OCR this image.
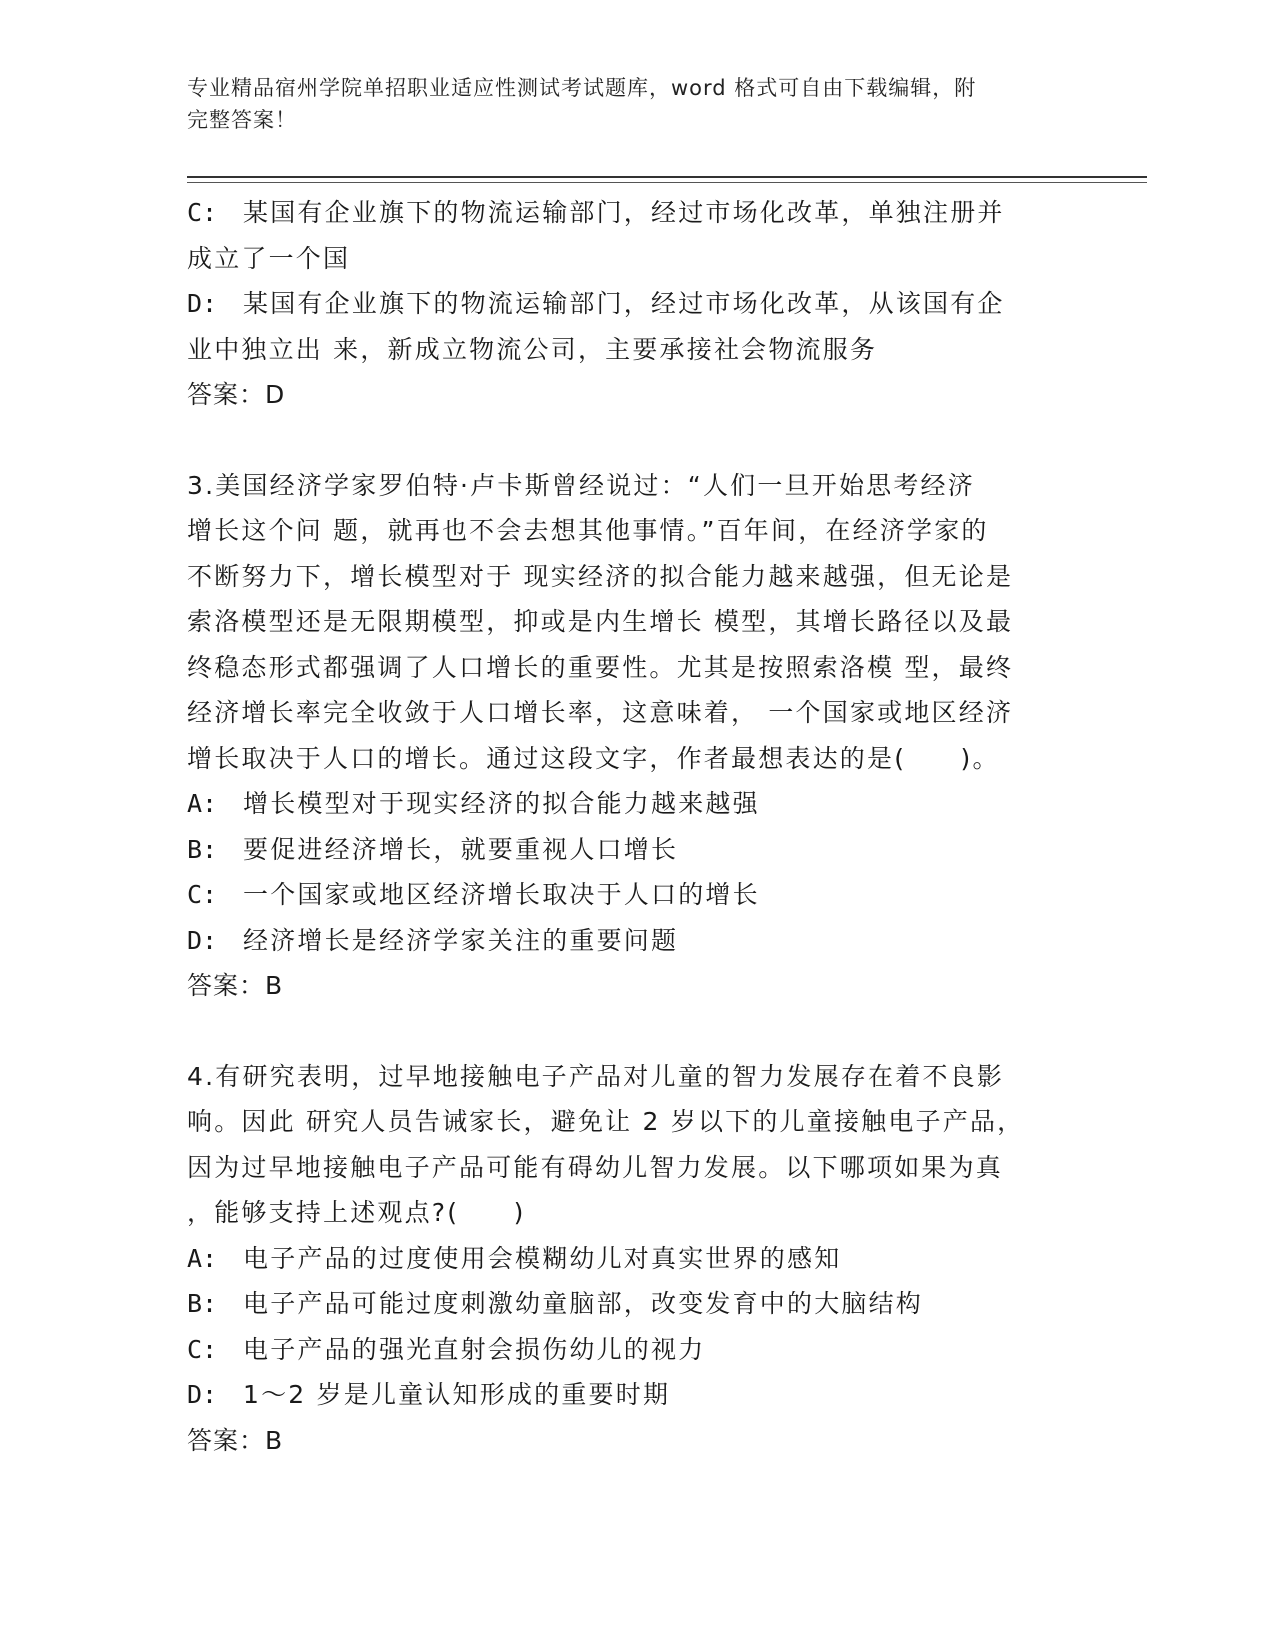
专业精品宿州学院单招职业适应性测试考试题库，word 格式可自由下载编辑，附
完整答案！
C: 某国有企业旗下的物流运输部门，经过市场化改革，单独注册并
成立了一个国
D: 某国有企业旗下的物流运输部门，经过市场化改革，从该国有企
业中独立出 来，新成立物流公司，主要承接社会物流服务
答案：D
3.美国经济学家罗伯特·卢卡斯曾经说过：“人们一旦开始思考经济
增长这个问 题，就再也不会去想其他事情。”百年间，在经济学家的
不断努力下，增长模型对于 现实经济的拟合能力越来越强，但无论是
索洛模型还是无限期模型，抑或是内生增长 模型，其增长路径以及最
终稳态形式都强调了人口增长的重要性。尤其是按照索洛模 型，最终
经济增长率完全收敛于人口增长率，这意味着， 一个国家或地区经济
增长取决于人口的增长。通过这段文字，作者最想表达的是(　　)。
A: 增长模型对于现实经济的拟合能力越来越强
B: 要促进经济增长，就要重视人口增长
C: 一个国家或地区经济增长取决于人口的增长
D: 经济增长是经济学家关注的重要问题
答案：B
4.有研究表明，过早地接触电子产品对儿童的智力发展存在着不良影
响。因此 研究人员告诫家长，避免让 2 岁以下的儿童接触电子产品，
因为过早地接触电子产品可能有碍幼儿智力发展。以下哪项如果为真
，能够支持上述观点?(　　)
A: 电子产品的过度使用会模糊幼儿对真实世界的感知
B: 电子产品可能过度刺激幼童脑部，改变发育中的大脑结构
C: 电子产品的强光直射会损伤幼儿的视力
D: 1～2 岁是儿童认知形成的重要时期
答案：B
